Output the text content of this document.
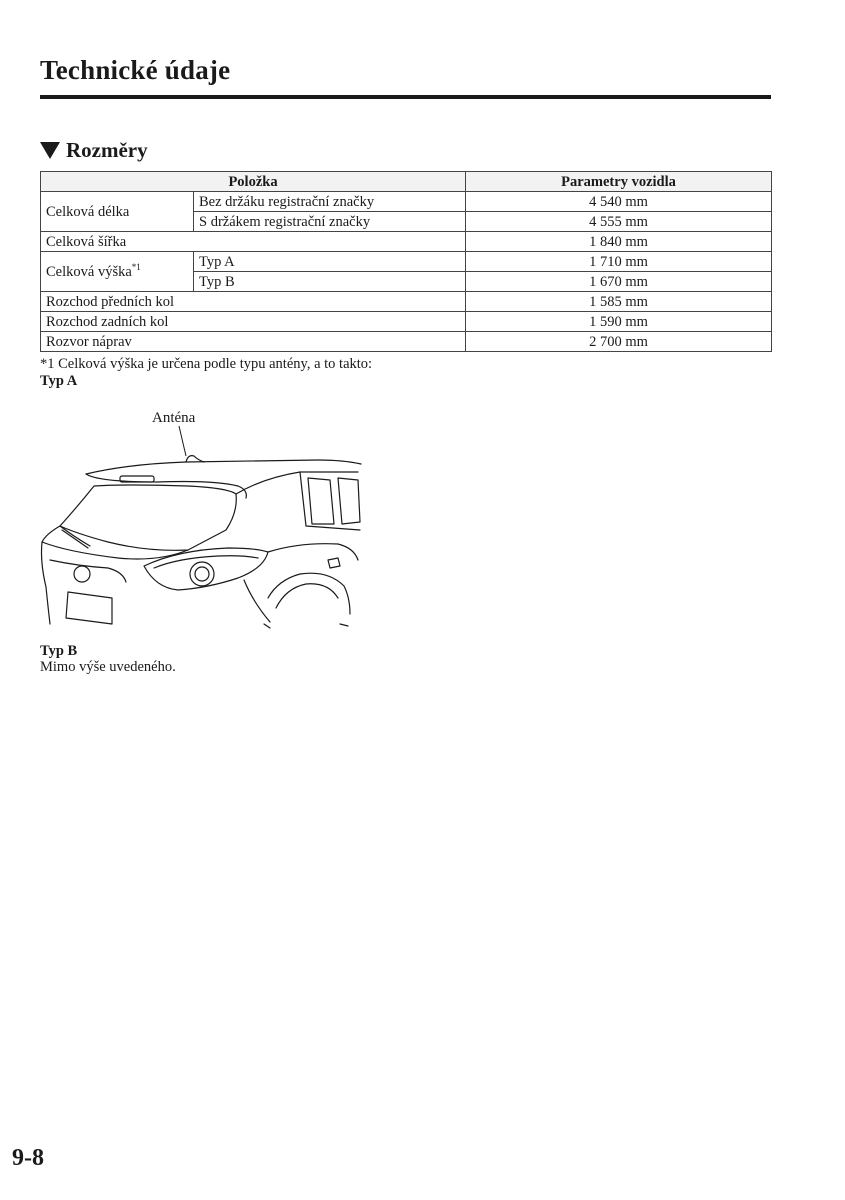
Technické údaje
Rozměry
Položka		Parametry vozidla
Celková délka	Bez držáku registrační značky	4 540 mm
	S držákem registrační značky	4 555 mm
Celková šířka		1 840 mm
Celková výška$^{*1}$	Typ A	1 710 mm
	Typ B	1 670 mm
Rozchod předních kol		1 585 mm
Rozchod zadních kol		1 590 mm
Rozvor náprav		2 700 mm
*1 Celková výška je určena podle typu antény, a to takto:
Typ A
Anténa
Typ B
Mimo výše uvedeného.
9-8
